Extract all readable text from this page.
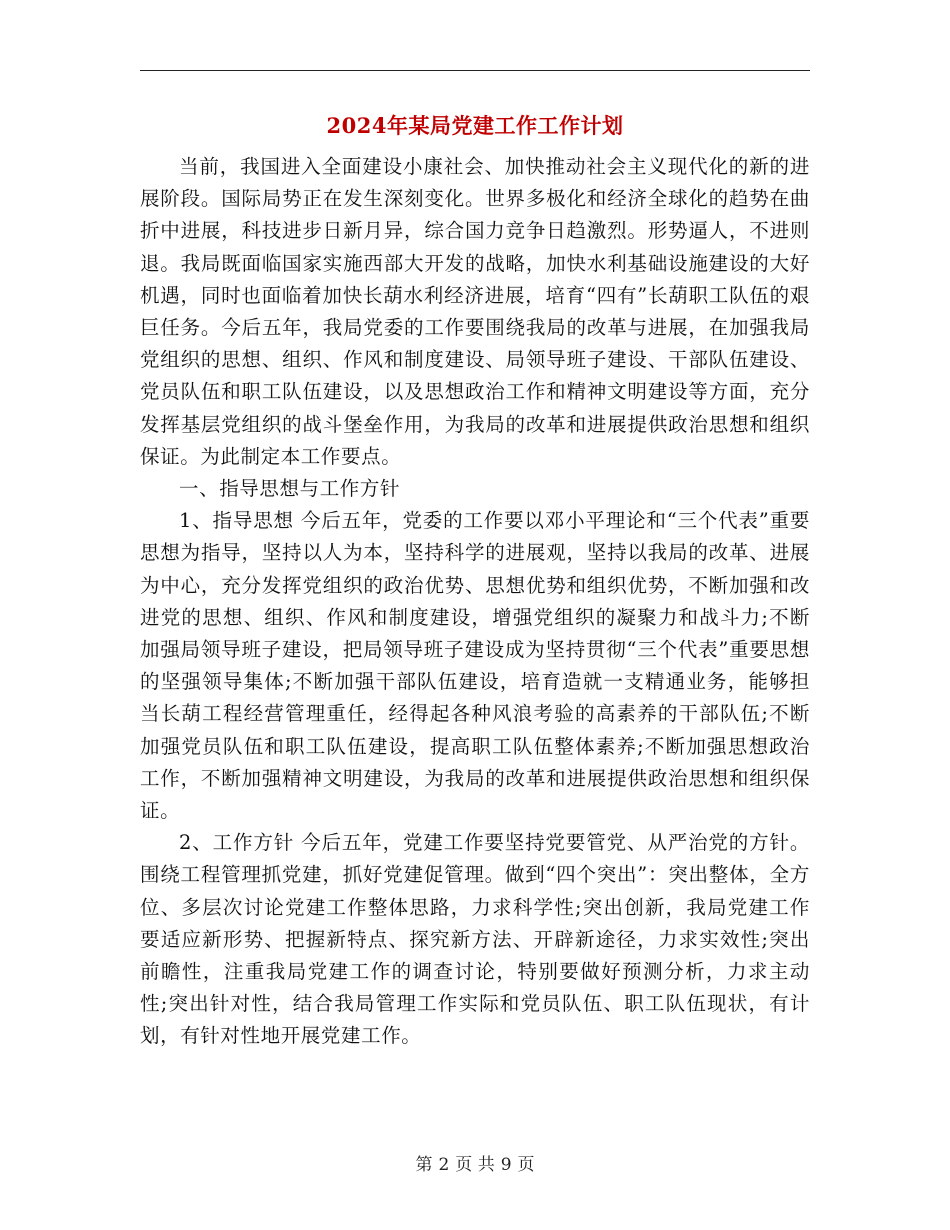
2024年某局党建工作工作计划

当前，我国进入全面建设小康社会、加快推动社会主义现代化的新的进展阶段。国际局势正在发生深刻变化。世界多极化和经济全球化的趋势在曲折中进展，科技进步日新月异，综合国力竞争日趋激烈。形势逼人，不进则退。我局既面临国家实施西部大开发的战略，加快水利基础设施建设的大好机遇，同时也面临着加快长葫水利经济进展，培育“四有”长葫职工队伍的艰巨任务。今后五年，我局党委的工作要围绕我局的改革与进展，在加强我局党组织的思想、组织、作风和制度建设、局领导班子建设、干部队伍建设、党员队伍和职工队伍建设，以及思想政治工作和精神文明建设等方面，充分发挥基层党组织的战斗堡垒作用，为我局的改革和进展提供政治思想和组织保证。为此制定本工作要点。

一、指导思想与工作方针

1、指导思想 今后五年，党委的工作要以邓小平理论和“三个代表”重要思想为指导，坚持以人为本，坚持科学的进展观，坚持以我局的改革、进展为中心，充分发挥党组织的政治优势、思想优势和组织优势，不断加强和改进党的思想、组织、作风和制度建设，增强党组织的凝聚力和战斗力;不断加强局领导班子建设，把局领导班子建设成为坚持贯彻“三个代表”重要思想的坚强领导集体;不断加强干部队伍建设，培育造就一支精通业务，能够担当长葫工程经营管理重任，经得起各种风浪考验的高素养的干部队伍;不断加强党员队伍和职工队伍建设，提高职工队伍整体素养;不断加强思想政治工作，不断加强精神文明建设，为我局的改革和进展提供政治思想和组织保证。

2、工作方针 今后五年，党建工作要坚持党要管党、从严治党的方针。围绕工程管理抓党建，抓好党建促管理。做到“四个突出”：突出整体，全方位、多层次讨论党建工作整体思路，力求科学性;突出创新，我局党建工作要适应新形势、把握新特点、探究新方法、开辟新途径，力求实效性;突出前瞻性，注重我局党建工作的调查讨论，特别要做好预测分析，力求主动性;突出针对性，结合我局管理工作实际和党员队伍、职工队伍现状，有计划，有针对性地开展党建工作。

第 2 页 共 9 页
